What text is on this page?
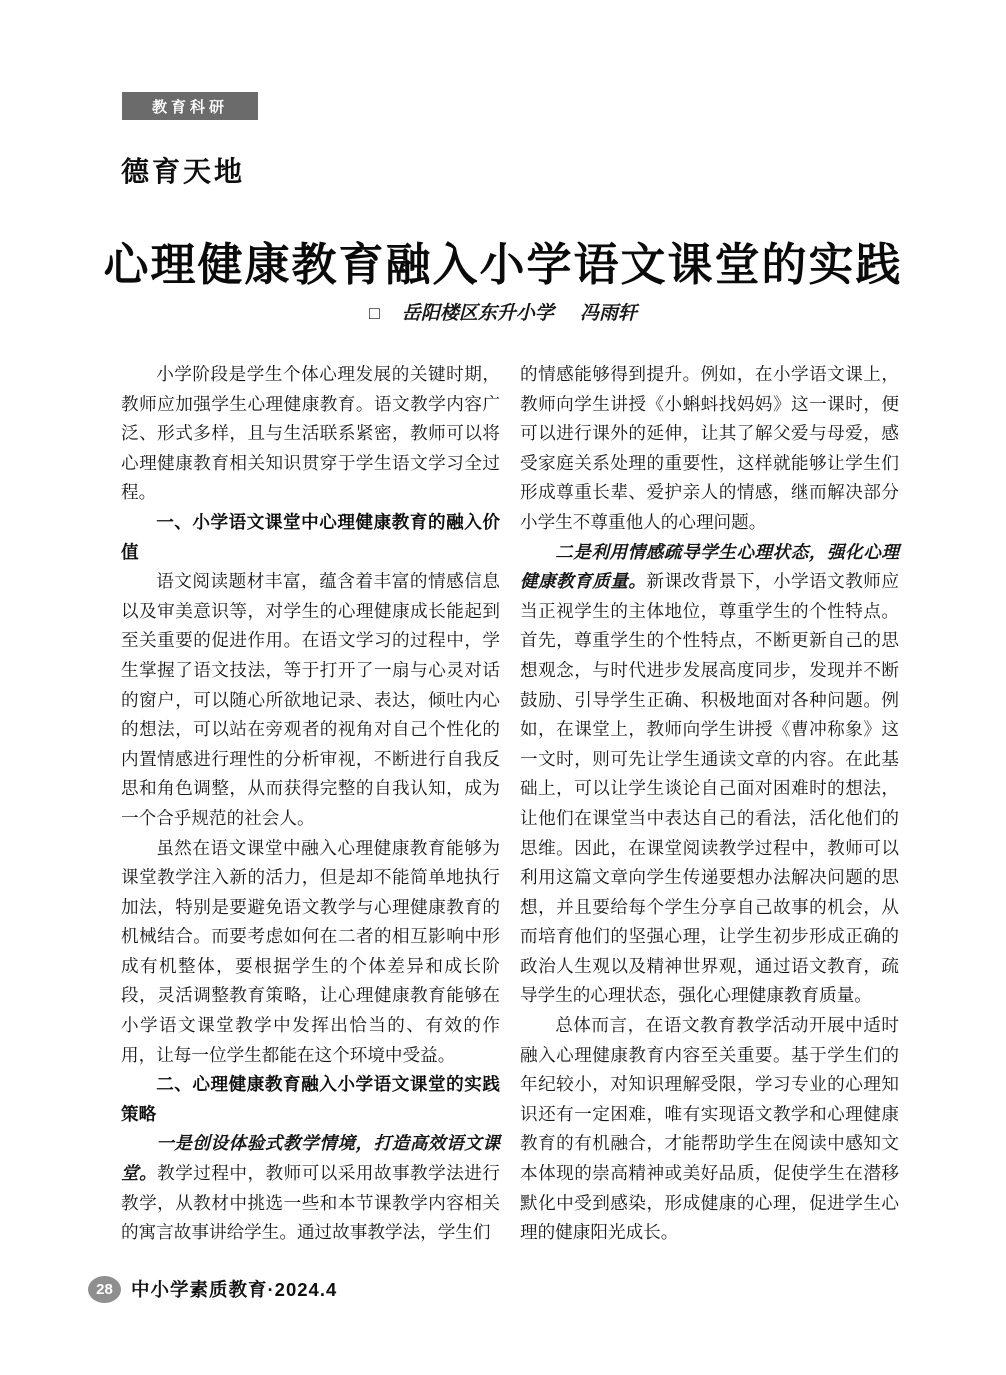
教育科研
德育天地
心理健康教育融入小学语文课堂的实践
□ 岳阳楼区东升小学 冯雨轩

小学阶段是学生个体心理发展的关键时期，教师应加强学生心理健康教育。语文教学内容广泛、形式多样，且与生活联系紧密，教师可以将心理健康教育相关知识贯穿于学生语文学习全过程。

一、小学语文课堂中心理健康教育的融入价值

语文阅读题材丰富，蕴含着丰富的情感信息以及审美意识等，对学生的心理健康成长能起到至关重要的促进作用。在语文学习的过程中，学生掌握了语文技法，等于打开了一扇与心灵对话的窗户，可以随心所欲地记录、表达，倾吐内心的想法，可以站在旁观者的视角对自己个性化的内置情感进行理性的分析审视，不断进行自我反思和角色调整，从而获得完整的自我认知，成为一个合乎规范的社会人。

虽然在语文课堂中融入心理健康教育能够为课堂教学注入新的活力，但是却不能简单地执行加法，特别是要避免语文教学与心理健康教育的机械结合。而要考虑如何在二者的相互影响中形成有机整体，要根据学生的个体差异和成长阶段，灵活调整教育策略，让心理健康教育能够在小学语文课堂教学中发挥出恰当的、有效的作用，让每一位学生都能在这个环境中受益。

二、心理健康教育融入小学语文课堂的实践策略

一是创设体验式教学情境，打造高效语文课堂。教学过程中，教师可以采用故事教学法进行教学，从教材中挑选一些和本节课教学内容相关的寓言故事讲给学生。通过故事教学法，学生们

的情感能够得到提升。例如，在小学语文课上，教师向学生讲授《小蝌蚪找妈妈》这一课时，便可以进行课外的延伸，让其了解父爱与母爱，感受家庭关系处理的重要性，这样就能够让学生们形成尊重长辈、爱护亲人的情感，继而解决部分小学生不尊重他人的心理问题。

二是利用情感疏导学生心理状态，强化心理健康教育质量。新课改背景下，小学语文教师应当正视学生的主体地位，尊重学生的个性特点。首先，尊重学生的个性特点，不断更新自己的思想观念，与时代进步发展高度同步，发现并不断鼓励、引导学生正确、积极地面对各种问题。例如，在课堂上，教师向学生讲授《曹冲称象》这一文时，则可先让学生通读文章的内容。在此基础上，可以让学生谈论自己面对困难时的想法，让他们在课堂当中表达自己的看法，活化他们的思维。因此，在课堂阅读教学过程中，教师可以利用这篇文章向学生传递要想办法解决问题的思想，并且要给每个学生分享自己故事的机会，从而培育他们的坚强心理，让学生初步形成正确的政治人生观以及精神世界观，通过语文教育，疏导学生的心理状态，强化心理健康教育质量。

总体而言，在语文教育教学活动开展中适时融入心理健康教育内容至关重要。基于学生们的年纪较小，对知识理解受限，学习专业的心理知识还有一定困难，唯有实现语文教学和心理健康教育的有机融合，才能帮助学生在阅读中感知文本体现的崇高精神或美好品质，促使学生在潜移默化中受到感染，形成健康的心理，促进学生心理的健康阳光成长。

28 中小学素质教育·2024.4
